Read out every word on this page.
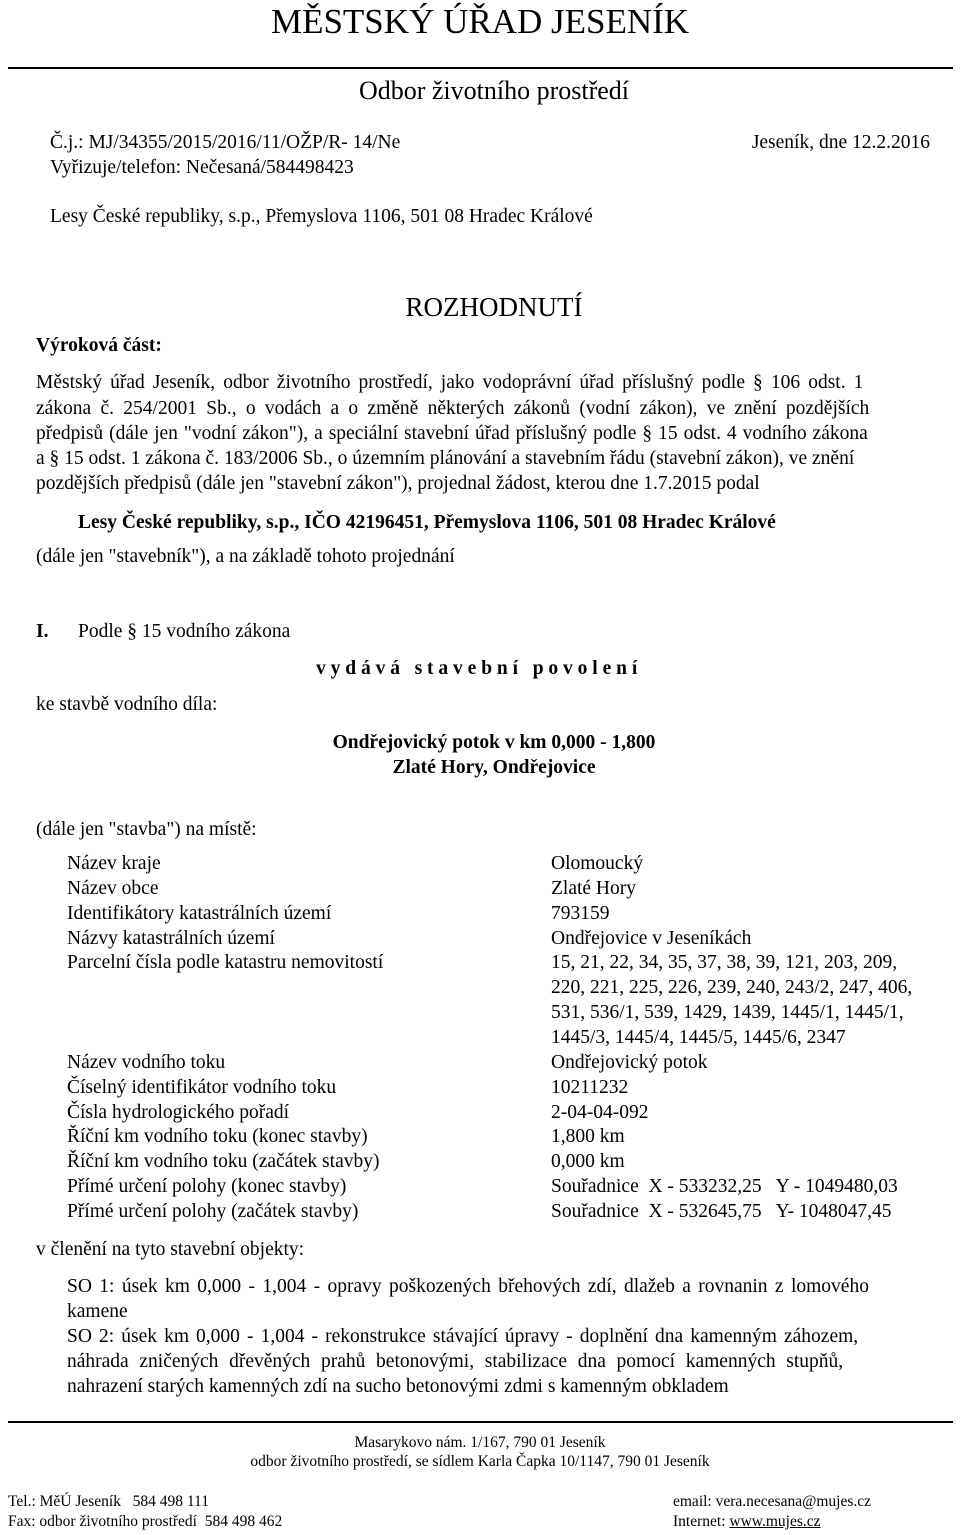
MĚSTSKÝ ÚŘAD JESENÍK
Odbor životního prostředí
Č.j.: MJ/34355/2015/2016/11/OŽP/R- 14/Ne	Jeseník, dne 12.2.2016
Vyřizuje/telefon: Nečesaná/584498423
Lesy České republiky, s.p., Přemyslova 1106, 501 08 Hradec Králové
ROZHODNUTÍ
Výroková část:
Městský úřad Jeseník, odbor životního prostředí, jako vodoprávní úřad příslušný podle § 106 odst. 1
zákona č. 254/2001 Sb., o vodách a o změně některých zákonů (vodní zákon), ve znění pozdějších
předpisů (dále jen "vodní zákon"), a speciální stavební úřad příslušný podle § 15 odst. 4 vodního zákona
a § 15 odst. 1 zákona č. 183/2006 Sb., o územním plánování a stavebním řádu (stavební zákon), ve znění
pozdějších předpisů (dále jen "stavební zákon"), projednal žádost, kterou dne 1.7.2015 podal
Lesy České republiky, s.p., IČO 42196451, Přemyslova 1106, 501 08 Hradec Králové
(dále jen "stavebník"), a na základě tohoto projednání
I. Podle § 15 vodního zákona
v y d á v á   s t a v e b n í   p o v o l e n í
ke stavbě vodního díla:
Ondřejovický potok v km 0,000 - 1,800
Zlaté Hory, Ondřejovice
(dále jen "stavba") na místě:
Název kraje	Olomoucký
Název obce	Zlaté Hory
Identifikátory katastrálních území	793159
Názvy katastrálních území	Ondřejovice v Jeseníkách
Parcelní čísla podle katastru nemovitostí	15, 21, 22, 34, 35, 37, 38, 39, 121, 203, 209,
220, 221, 225, 226, 239, 240, 243/2, 247, 406,
531, 536/1, 539, 1429, 1439, 1445/1, 1445/1,
1445/3, 1445/4, 1445/5, 1445/6, 2347
Název vodního toku	Ondřejovický potok
Číselný identifikátor vodního toku	10211232
Čísla hydrologického pořadí	2-04-04-092
Říční km vodního toku (konec stavby)	1,800 km
Říční km vodního toku (začátek stavby)	0,000 km
Přímé určení polohy (konec stavby)	Souřadnice  X - 533232,25   Y - 1049480,03
Přímé určení polohy (začátek stavby)	Souřadnice  X - 532645,75   Y- 1048047,45
v členění na tyto stavební objekty:
SO 1: úsek km 0,000 - 1,004 - opravy poškozených břehových zdí, dlažeb a rovnanin z lomového
kamene
SO 2: úsek km 0,000 - 1,004 - rekonstrukce stávající úpravy - doplnění dna kamenným záhozem,
náhrada zničených dřevěných prahů betonovými, stabilizace dna pomocí kamenných stupňů,
nahrazení starých kamenných zdí na sucho betonovými zdmi s kamenným obkladem
Masarykovo nám. 1/167, 790 01 Jeseník
odbor životního prostředí, se sídlem Karla Čapka 10/1147, 790 01 Jeseník
Tel.: MěÚ Jeseník   584 498 111
Fax: odbor životního prostředí  584 498 462
email: vera.necesana@mujes.cz
Internet: www.mujes.cz
